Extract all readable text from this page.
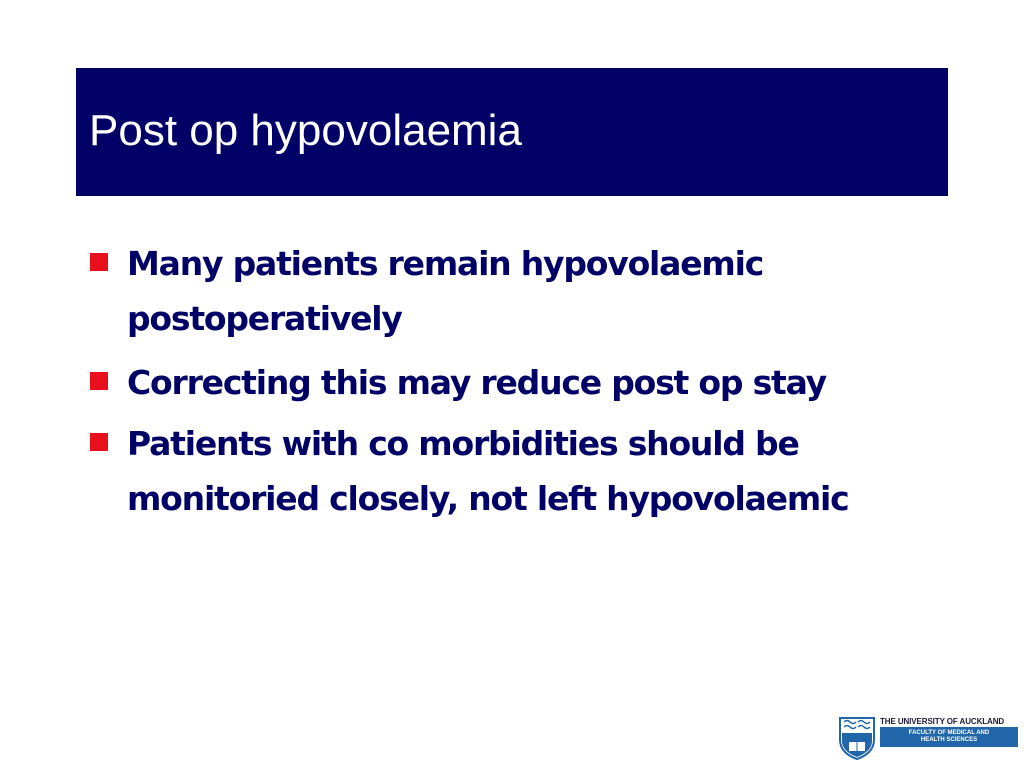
Post op hypovolaemia
Many patients remain hypovolaemic postoperatively
Correcting this may reduce post op stay
Patients with co morbidities should be monitoried closely, not left hypovolaemic
THE UNIVERSITY OF AUCKLAND
FACULTY OF MEDICAL AND
HEALTH SCIENCES
